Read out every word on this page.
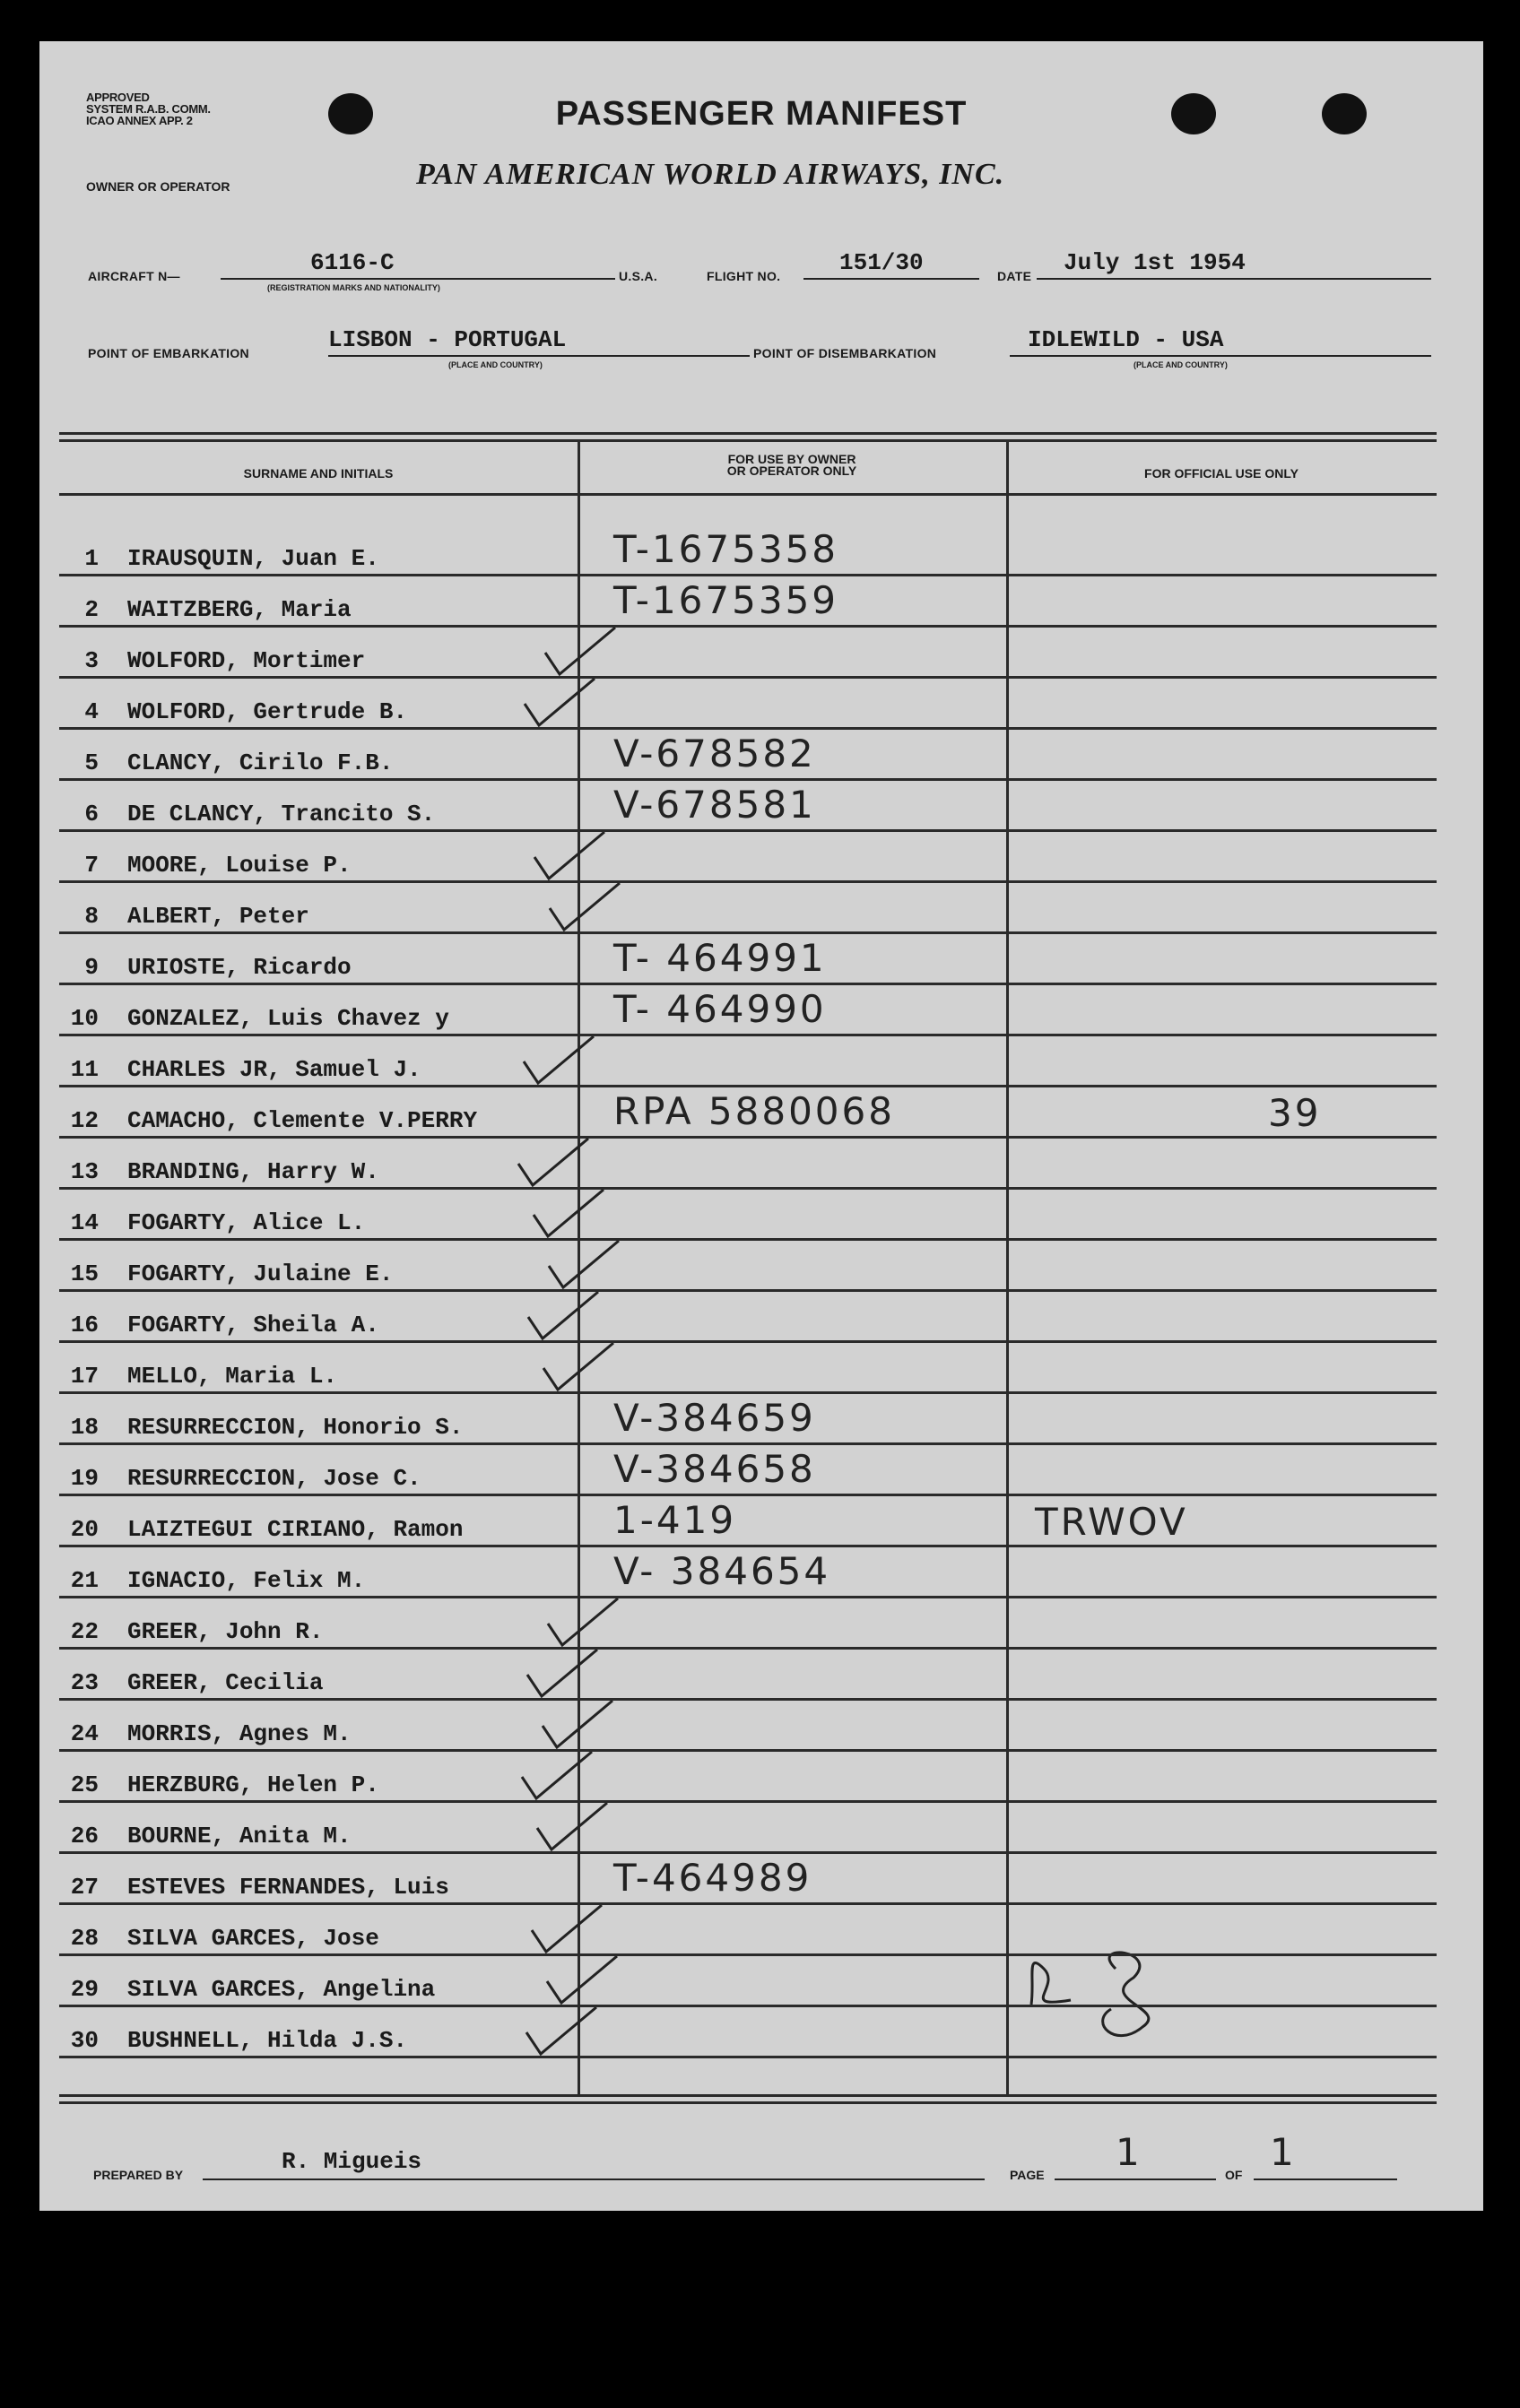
APPROVED
SYSTEM R.A.B. COMM.
ICAO ANNEX APP. 2	PASSENGER MANIFEST
OWNER OR OPERATOR	PAN AMERICAN WORLD AIRWAYS, INC.
AIRCRAFT N—	6116-C
(REGISTRATION MARKS AND NATIONALITY)
U.S.A.	FLIGHT NO.	151/30	DATE July 1st 1954
POINT OF EMBARKATION	LISBON - PORTUGAL
(PLACE AND COUNTRY)
POINT OF DISEMBARKATION	IDLEWILD - USA
(PLACE AND COUNTRY)
SURNAME AND INITIALS
FOR USE BY OWNER
OR OPERATOR ONLY	FOR OFFICIAL USE ONLY
PREPARED BY	R. Migueis	PAGE
1
OF
1
1 IRAUSQUIN, Juan E.	T-1675358
2 WAITZBERG, Maria	T-1675359
3 WOLFORD, Mortimer
4 WOLFORD, Gertrude B.
5 CLANCY, Cirilo F.B.	V-678582
6 DE CLANCY, Trancito S.	V-678581
7 MOORE, Louise P.
8 ALBERT, Peter
9 URIOSTE, Ricardo	T- 464991
10 GONZALEZ, Luis Chavez y	T- 464990
11 CHARLES JR, Samuel J.
12 CAMACHO, Clemente V.PERRY	RPA 5880068	39
13 BRANDING, Harry W.
14 FOGARTY, Alice L.
15 FOGARTY, Julaine E.
16 FOGARTY, Sheila A.
17 MELLO, Maria L.
18 RESURRECCION, Honorio S.	V-384659
19 RESURRECCION, Jose C.	V-384658
20 LAIZTEGUI CIRIANO, Ramon	1-419	TRWOV
21 IGNACIO, Felix M.	V- 384654
22 GREER, John R.
23 GREER, Cecilia
24 MORRIS, Agnes M.
25 HERZBURG, Helen P.
26 BOURNE, Anita M.
27 ESTEVES FERNANDES, Luis	T-464989
28 SILVA GARCES, Jose
29 SILVA GARCES, Angelina
30 BUSHNELL, Hilda J.S.
